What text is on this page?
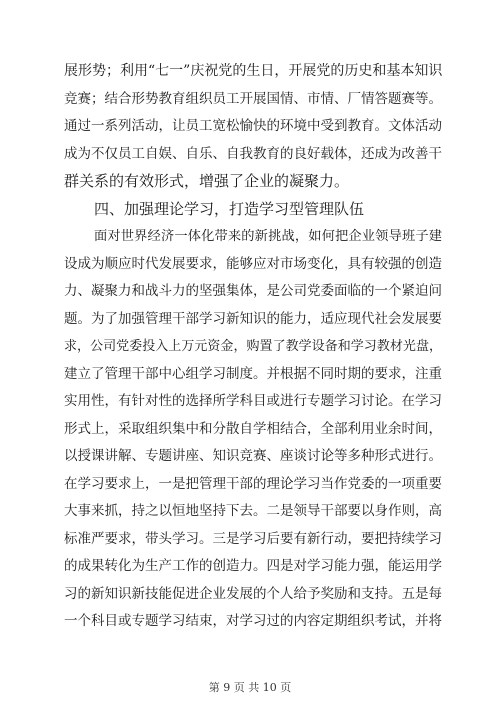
展形势；利用“七一”庆祝党的生日，开展党的历史和基本知识
竞赛；结合形势教育组织员工开展国情、市情、厂情答题赛等。
通过一系列活动，让员工宽松愉快的环境中受到教育。文体活动
成为不仅员工自娱、自乐、自我教育的良好载体，还成为改善干
群关系的有效形式，增强了企业的凝聚力。
四、加强理论学习，打造学习型管理队伍
面对世界经济一体化带来的新挑战，如何把企业领导班子建
设成为顺应时代发展要求，能够应对市场变化，具有较强的创造
力、凝聚力和战斗力的坚强集体，是公司党委面临的一个紧迫问
题。为了加强管理干部学习新知识的能力，适应现代社会发展要
求，公司党委投入上万元资金，购置了教学设备和学习教材光盘，
建立了管理干部中心组学习制度。并根据不同时期的要求，注重
实用性，有针对性的选择所学科目或进行专题学习讨论。在学习
形式上，采取组织集中和分散自学相结合，全部利用业余时间，
以授课讲解、专题讲座、知识竞赛、座谈讨论等多种形式进行。
在学习要求上，一是把管理干部的理论学习当作党委的一项重要
大事来抓，持之以恒地坚持下去。二是领导干部要以身作则，高
标准严要求，带头学习。三是学习后要有新行动，要把持续学习
的成果转化为生产工作的创造力。四是对学习能力强，能运用学
习的新知识新技能促进企业发展的个人给予奖励和支持。五是每
一个科目或专题学习结束，对学习过的内容定期组织考试，并将
第 9 页 共 10 页
